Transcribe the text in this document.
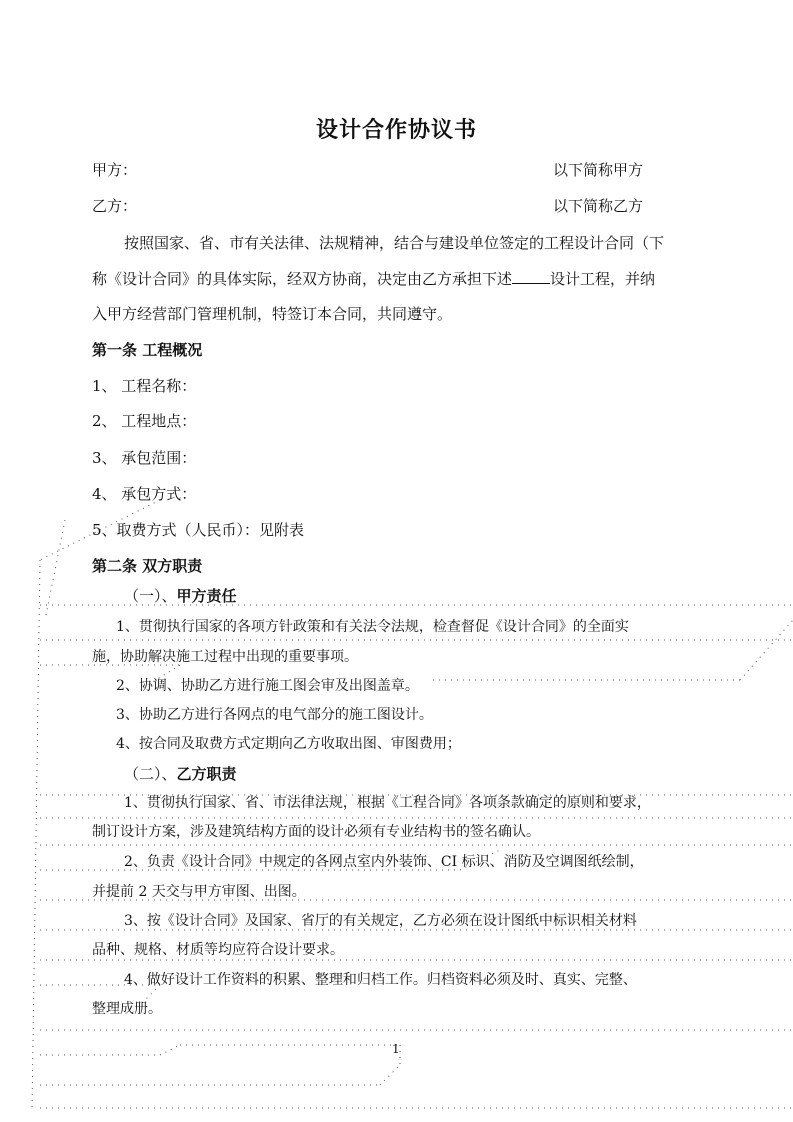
设计合作协议书
甲方：	以下简称甲方
乙方：	以下简称乙方
按照国家、省、市有关法律、法规精神，结合与建设单位签定的工程设计合同（下
称《设计合同》的具体实际，经双方协商，决定由乙方承担下述	设计工程，并纳
入甲方经营部门管理机制，特签订本合同，共同遵守。
第一条 工程概况
1、 工程名称：
2、 工程地点：
3、 承包范围：
4、 承包方式：
5、取费方式（人民币）：见附表
第二条 双方职责
（一）、甲方责任
1、贯彻执行国家的各项方针政策和有关法令法规，检查督促《设计合同》的全面实
施，协助解决施工过程中出现的重要事项。
2、协调、协助乙方进行施工图会审及出图盖章。
3、协助乙方进行各网点的电气部分的施工图设计。
4、按合同及取费方式定期向乙方收取出图、审图费用；
（二）、乙方职责
1、贯彻执行国家、省、市法律法规，根据《工程合同》各项条款确定的原则和要求，
制订设计方案，涉及建筑结构方面的设计必须有专业结构书的签名确认。
2、负责《设计合同》中规定的各网点室内外装饰、CI 标识、消防及空调图纸绘制，
并提前 2 天交与甲方审图、出图。
3、按《设计合同》及国家、省厅的有关规定，乙方必须在设计图纸中标识相关材料
品种、规格、材质等均应符合设计要求。
4、做好设计工作资料的积累、整理和归档工作。归档资料必须及时、真实、完整、
整理成册。
1
